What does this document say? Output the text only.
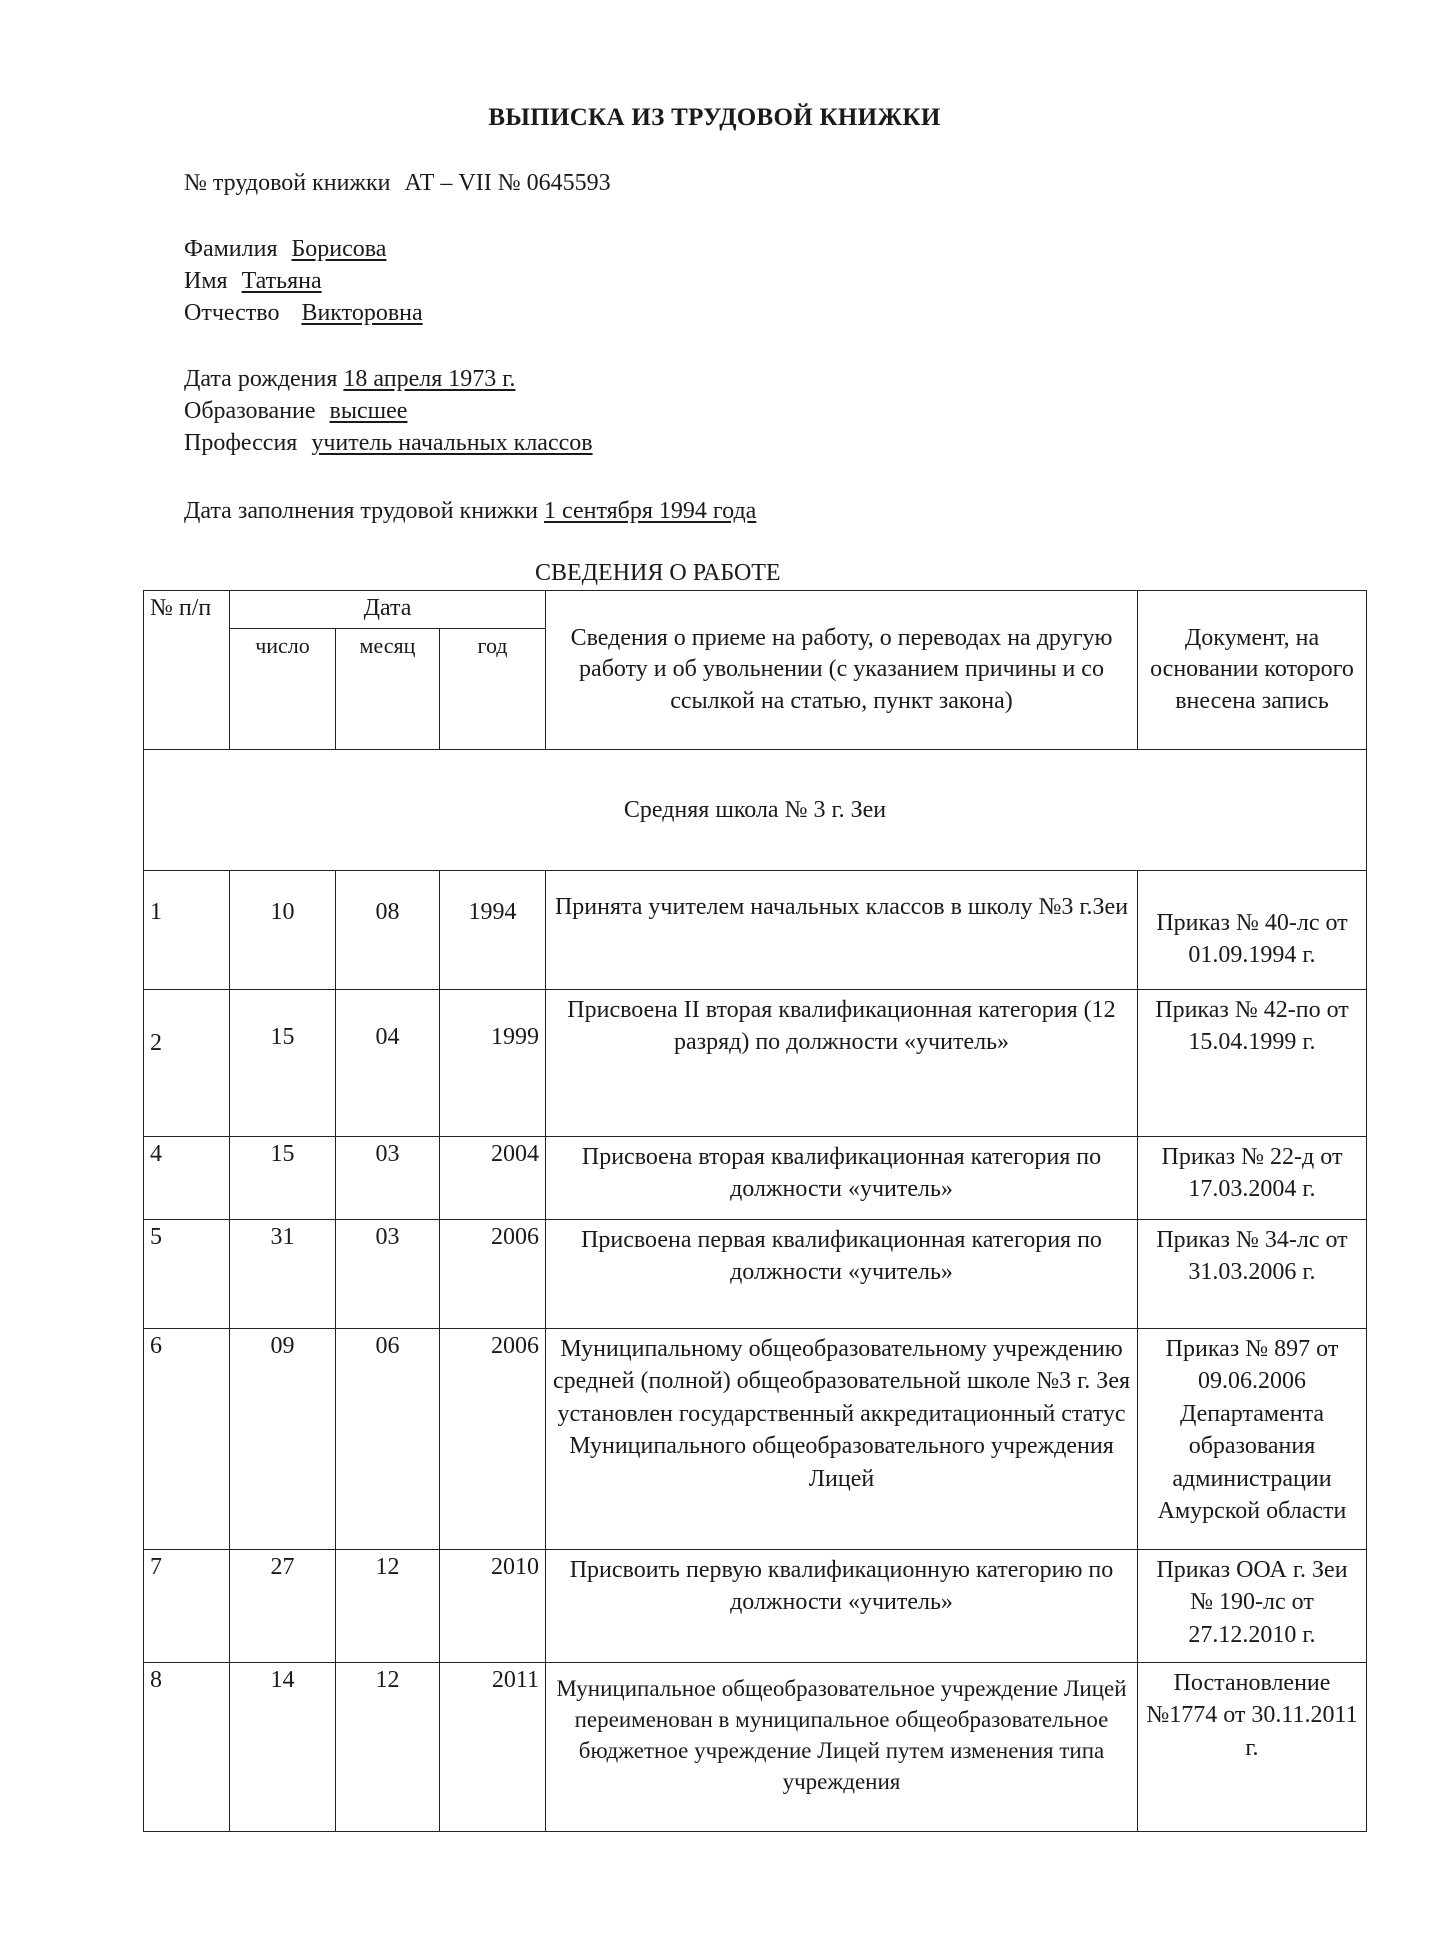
ВЫПИСКА ИЗ ТРУДОВОЙ КНИЖКИ
№ трудовой книжки АТ – VII № 0645593
Фамилия Борисова
Имя Татьяна
Отчество Викторовна
Дата рождения 18 апреля 1973 г.
Образование высшее
Профессия учитель начальных классов
Дата заполнения трудовой книжки 1 сентября 1994 года
СВЕДЕНИЯ О РАБОТЕ
№ п/п	Дата			Сведения о приеме на работу, о переводах на другую работу и об увольнении (с указанием причины и со ссылкой на статью, пункт закона)	Документ, на основании которого внесена запись
	число	месяц	год		
Средняя школа № 3 г. Зеи					
1	10	08	1994	Принята учителем начальных классов в школу №3 г.Зеи	Приказ № 40-лс от 01.09.1994 г.
2	15	04	1999	Присвоена II вторая квалификационная категория (12 разряд) по должности «учитель»	Приказ № 42-по от 15.04.1999 г.
4	15	03	2004	Присвоена вторая квалификационная категория по должности «учитель»	Приказ № 22-д от 17.03.2004 г.
5	31	03	2006	Присвоена первая квалификационная категория по должности «учитель»	Приказ № 34-лс от 31.03.2006 г.
6	09	06	2006	Муниципальному общеобразовательному учреждению средней (полной) общеобразовательной школе №3 г. Зея установлен государственный аккредитационный статус Муниципального общеобразовательного учреждения Лицей	Приказ № 897 от 09.06.2006 Департамента образования администрации Амурской области
7	27	12	2010	Присвоить первую квалификационную категорию по должности «учитель»	Приказ ООА г. Зеи № 190-лс от 27.12.2010 г.
8	14	12	2011	Муниципальное общеобразовательное учреждение Лицей переименован в муниципальное общеобразовательное бюджетное учреждение Лицей путем изменения типа учреждения	Постановление №1774 от 30.11.2011 г.
